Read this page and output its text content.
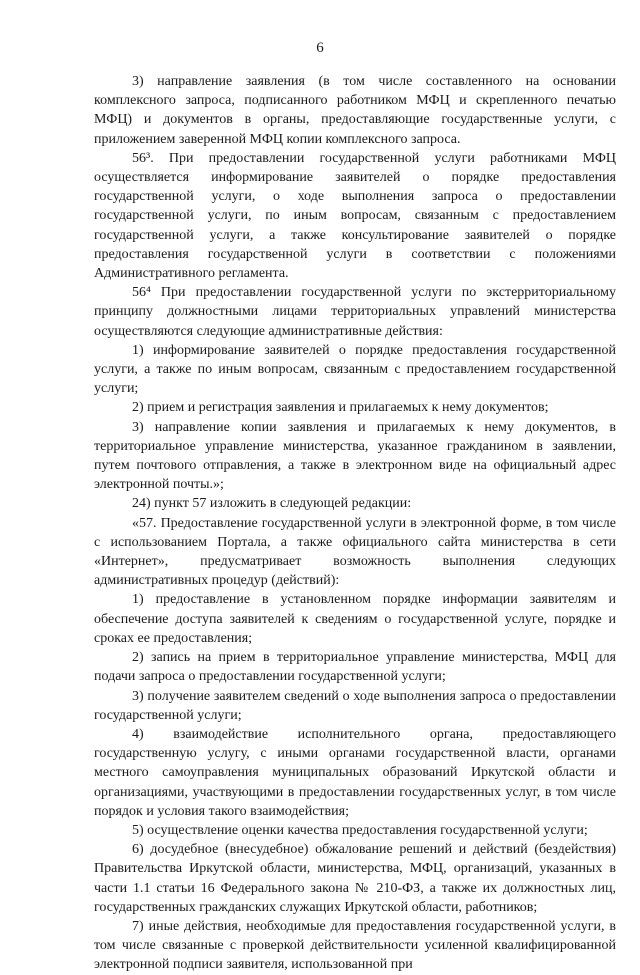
6

3) направление заявления (в том числе составленного на основании комплексного запроса, подписанного работником МФЦ и скрепленного печатью МФЦ) и документов в органы, предоставляющие государственные услуги, с приложением заверенной МФЦ копии комплексного запроса.

56³. При предоставлении государственной услуги работниками МФЦ осуществляется информирование заявителей о порядке предоставления государственной услуги, о ходе выполнения запроса о предоставлении государственной услуги, по иным вопросам, связанным с предоставлением государственной услуги, а также консультирование заявителей о порядке предоставления государственной услуги в соответствии с положениями Административного регламента.

56⁴ При предоставлении государственной услуги по экстерриториальному принципу должностными лицами территориальных управлений министерства осуществляются следующие административные действия:

1) информирование заявителей о порядке предоставления государственной услуги, а также по иным вопросам, связанным с предоставлением государственной услуги;

2) прием и регистрация заявления и прилагаемых к нему документов;

3) направление копии заявления и прилагаемых к нему документов, в территориальное управление министерства, указанное гражданином в заявлении, путем почтового отправления, а также в электронном виде на официальный адрес электронной почты.»;

24) пункт 57 изложить в следующей редакции:

«57. Предоставление государственной услуги в электронной форме, в том числе с использованием Портала, а также официального сайта министерства в сети «Интернет», предусматривает возможность выполнения следующих административных процедур (действий):

1) предоставление в установленном порядке информации заявителям и обеспечение доступа заявителей к сведениям о государственной услуге, порядке и сроках ее предоставления;

2) запись на прием в территориальное управление министерства, МФЦ для подачи запроса о предоставлении государственной услуги;

3) получение заявителем сведений о ходе выполнения запроса о предоставлении государственной услуги;

4) взаимодействие исполнительного органа, предоставляющего государственную услугу, с иными органами государственной власти, органами местного самоуправления муниципальных образований Иркутской области и организациями, участвующими в предоставлении государственных услуг, в том числе порядок и условия такого взаимодействия;

5) осуществление оценки качества предоставления государственной услуги;

6) досудебное (внесудебное) обжалование решений и действий (бездействия) Правительства Иркутской области, министерства, МФЦ, организаций, указанных в части 1.1 статьи 16 Федерального закона № 210-ФЗ, а также их должностных лиц, государственных гражданских служащих Иркутской области, работников;

7) иные действия, необходимые для предоставления государственной услуги, в том числе связанные с проверкой действительности усиленной квалифицированной электронной подписи заявителя, использованной при
